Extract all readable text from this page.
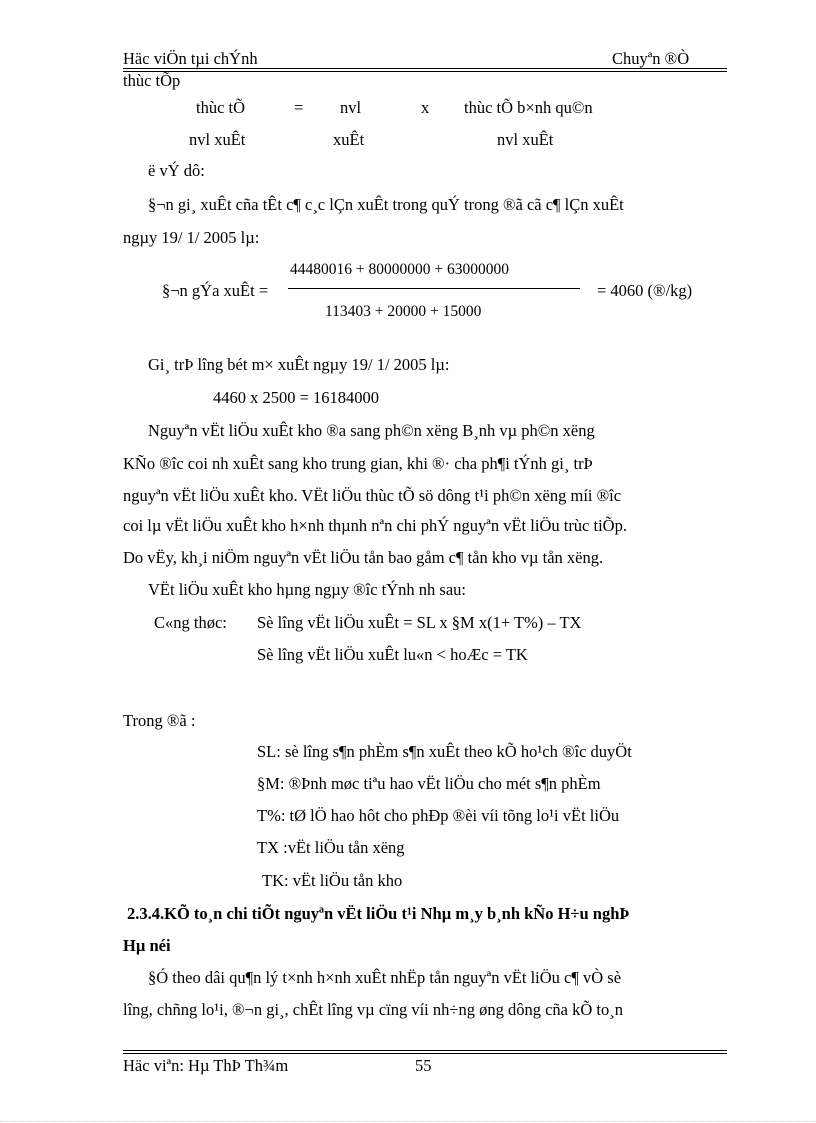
Häc viÖn tµi chÝnh	Chuyªn ®Ò
thùc tÕp
thùc tÕ	= nvl	x thùc tÕ b×nh qu©n
nvl xuÊt	xuÊt	nvl xuÊt
ë vÝ dô:
§¬n gi¸ xuÊt cña tÊt c¶ c¸c lÇn xuÊt trong quÝ trong ®ã cã c¶ lÇn xuÊt
ngµy 19/ 1/ 2005 lµ:
§¬n gÝa xuÊt =
44480016 + 80000000 + 63000000
113403 + 20000 + 15000
= 4060 (®/kg)
Gi¸ trÞ lîng bét m× xuÊt ngµy 19/ 1/ 2005 lµ:
4460 x 2500 = 16184000
Nguyªn vËt liÖu xuÊt kho ®a sang ph©n xëng B¸nh vµ ph©n xëng
KÑo ®îc coi nh xuÊt sang kho trung gian, khi ®· cha ph¶i tÝnh gi¸ trÞ
nguyªn vËt liÖu xuÊt kho. VËt liÖu thùc tÕ sö dông t¹i ph©n xëng míi ®îc
coi lµ vËt liÖu xuÊt kho h×nh thµnh nªn chi phÝ nguyªn vËt liÖu trùc tiÕp.
Do vËy, kh¸i niÖm nguyªn vËt liÖu tån bao gåm c¶ tån kho vµ tån xëng.
VËt liÖu xuÊt kho hµng ngµy ®îc tÝnh nh sau:
C«ng thøc: Sè lîng vËt liÖu xuÊt = SL x §M x(1+ T%) – TX
Sè lîng vËt liÖu xuÊt lu«n < hoÆc = TK
Trong ®ã :
SL: sè lîng s¶n phÈm s¶n xuÊt theo kÕ ho¹ch ®îc duyÖt
§M: ®Þnh møc tiªu hao vËt liÖu cho mét s¶n phÈm
T%: tØ lÖ hao hôt cho phÐp ®èi víi tõng lo¹i vËt liÖu
TX :vËt liÖu tån xëng
TK: vËt liÖu tån kho
2.3.4.KÕ to¸n chi tiÕt nguyªn vËt liÖu t¹i Nhµ m¸y b¸nh kÑo H÷u nghÞ
Hµ néi
§Ó theo dâi qu¶n lý t×nh h×nh xuÊt nhËp tån nguyªn vËt liÖu c¶ vÒ sè
lîng, chñng lo¹i, ®¬n gi¸, chÊt lîng vµ cïng víi nh÷ng øng dông cña kÕ to¸n
Häc viªn: Hµ ThÞ Th¾m	55
